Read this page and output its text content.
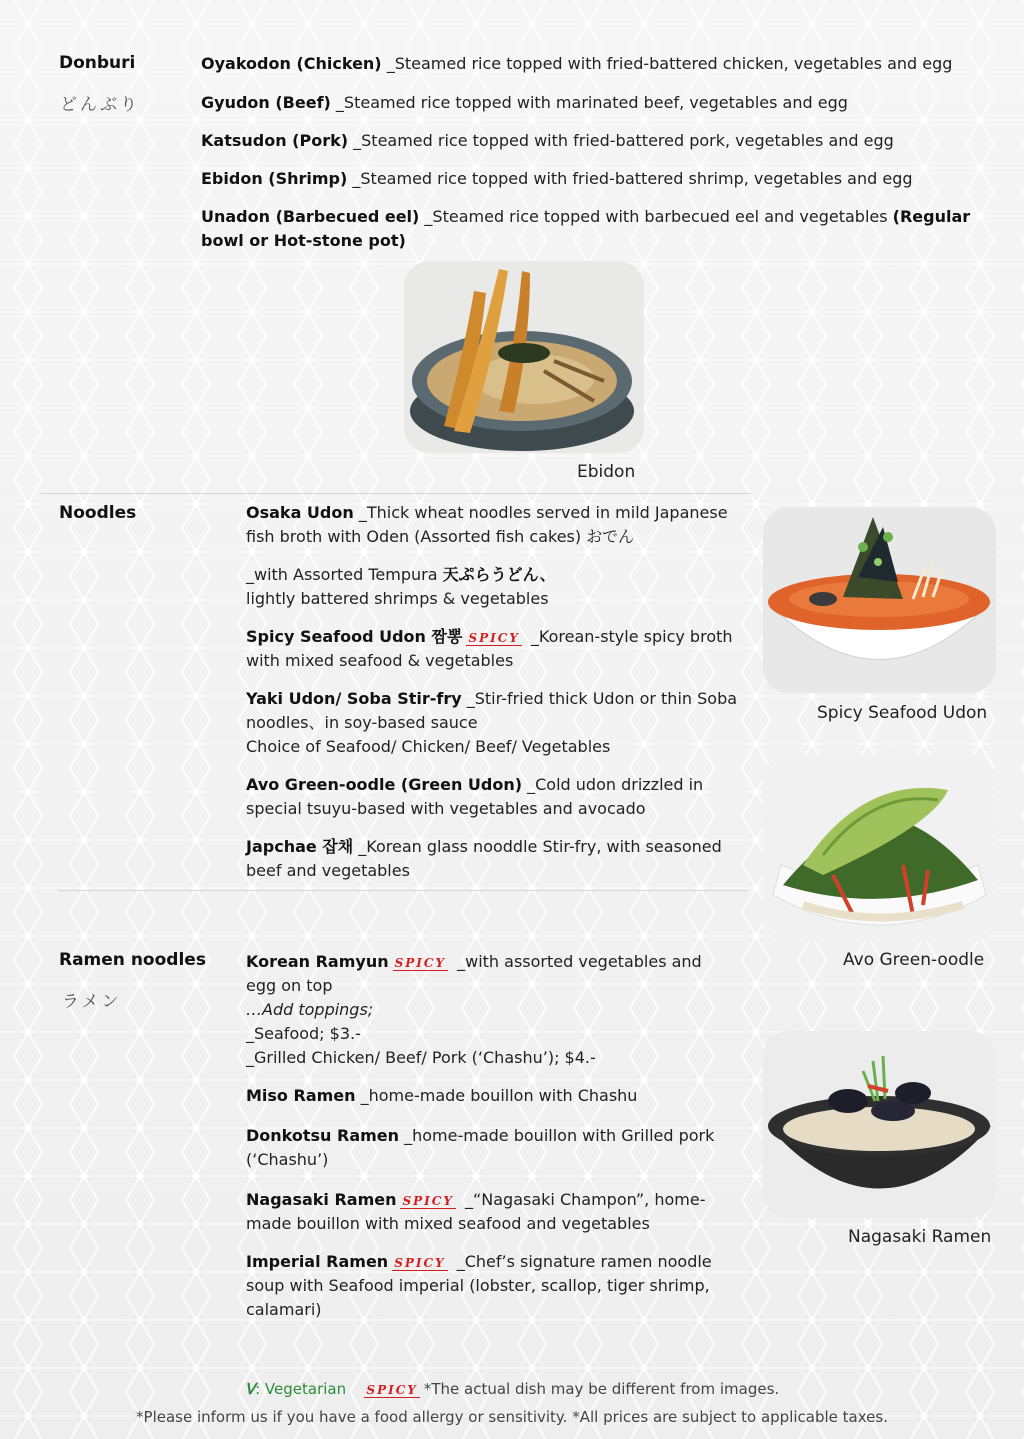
Donburi
どんぶり
Oyakodon (Chicken) _Steamed rice topped with fried-battered chicken, vegetables and egg
Gyudon (Beef) _Steamed rice topped with marinated beef, vegetables and egg
Katsudon (Pork) _Steamed rice topped with fried-battered pork, vegetables and egg
Ebidon (Shrimp) _Steamed rice topped with fried-battered shrimp, vegetables and egg
Unadon (Barbecued eel) _Steamed rice topped with barbecued eel and vegetables (Regular bowl or Hot-stone pot)
Ebidon
Noodles	Osaka Udon _Thick wheat noodles served in mild Japanese fish broth with Oden (Assorted fish cakes) おでん
_with Assorted Tempura 天ぷらうどん、
lightly battered shrimps & vegetables
Spicy Seafood Udon 짬뽕 SPICY _Korean-style spicy broth with mixed seafood & vegetables
Yaki Udon/ Soba Stir-fry _Stir-fried thick Udon or thin Soba noodles、in soy-based sauce
Choice of Seafood/ Chicken/ Beef/ Vegetables
Avo Green-oodle (Green Udon) _Cold udon drizzled in special tsuyu-based with vegetables and avocado
Japchae 잡채 _Korean glass nooddle Stir-fry, with seasoned beef and vegetables
Spicy Seafood Udon
Avo Green-oodle
Ramen noodles
ラメン
Korean Ramyun SPICY _with assorted vegetables and egg on top
…Add toppings;
_Seafood; $3.-
_Grilled Chicken/ Beef/ Pork (‘Chashu’); $4.-
Miso Ramen _home-made bouillon with Chashu
Donkotsu Ramen _home-made bouillon with Grilled pork (‘Chashu’)
Nagasaki Ramen SPICY _“Nagasaki Champon”, home-made bouillon with mixed seafood and vegetables
Imperial Ramen SPICY _Chef’s signature ramen noodle soup with Seafood imperial (lobster, scallop, tiger shrimp, calamari)
Nagasaki Ramen
ꓦ: Vegetarian SPICY *The actual dish may be different from images.
*Please inform us if you have a food allergy or sensitivity. *All prices are subject to applicable taxes.
